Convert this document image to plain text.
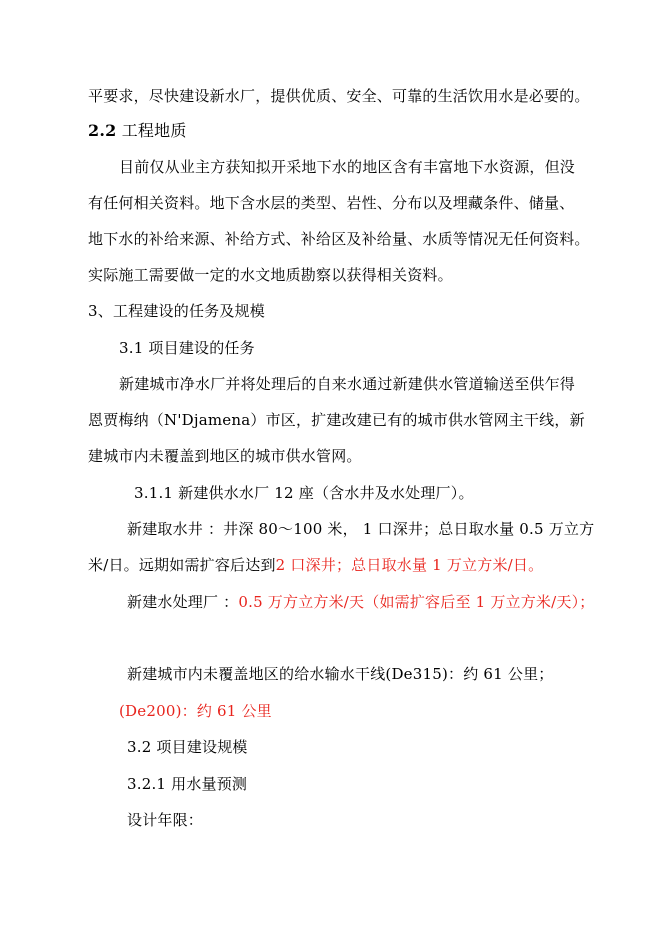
平要求，尽快建设新水厂，提供优质、安全、可靠的生活饮用水是必要的。
2.2 工程地质
目前仅从业主方获知拟开采地下水的地区含有丰富地下水资源，但没
有任何相关资料。地下含水层的类型、岩性、分布以及埋藏条件、储量、
地下水的补给来源、补给方式、补给区及补给量、水质等情况无任何资料。
实际施工需要做一定的水文地质勘察以获得相关资料。
3、工程建设的任务及规模
3.1 项目建设的任务
新建城市净水厂并将处理后的自来水通过新建供水管道输送至供乍得
恩贾梅纳（N'Djamena）市区，扩建改建已有的城市供水管网主干线，新
建城市内未覆盖到地区的城市供水管网。
3.1.1 新建供水水厂 12 座（含水井及水处理厂）。
新建取水井 ：井深 80～100 米， 1 口深井；总日取水量 0.5 万立方
米/日。远期如需扩容后达到2 口深井；总日取水量 1 万立方米/日。
新建水处理厂 ：0.5 万方立方米/天（如需扩容后至 1 万立方米/天）；
新建城市内未覆盖地区的给水输水干线(De315)：约 61 公里；
(De200)：约 61 公里
3.2 项目建设规模
3.2.1 用水量预测
设计年限：
